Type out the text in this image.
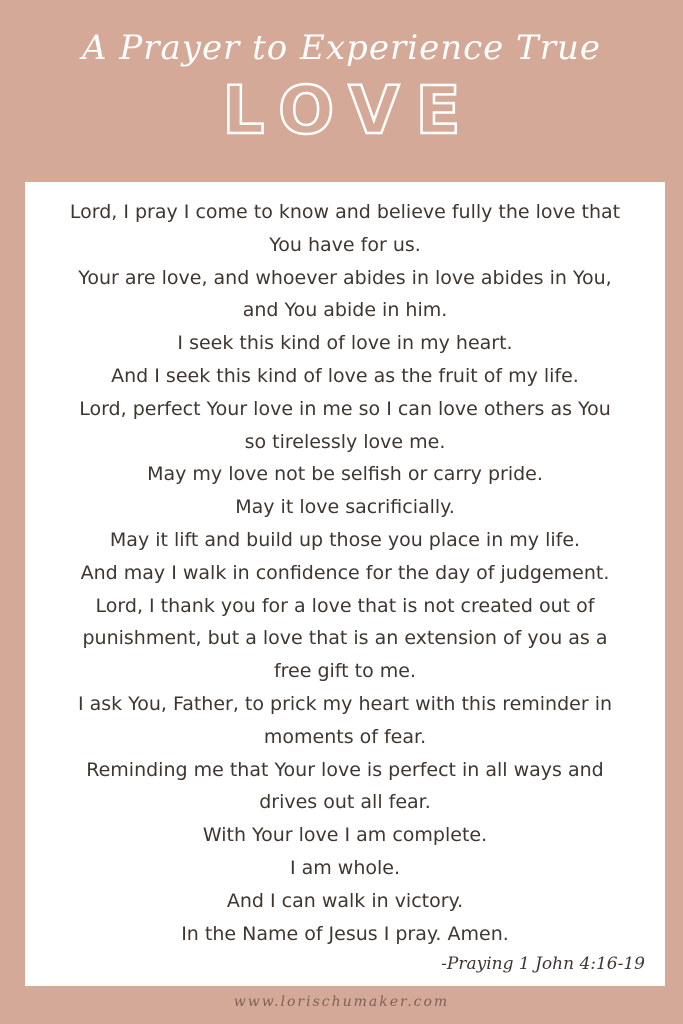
A Prayer to Experience True
LOVE
Lord, I pray I come to know and believe fully the love that
You have for us.
Your are love, and whoever abides in love abides in You,
and You abide in him.
I seek this kind of love in my heart.
And I seek this kind of love as the fruit of my life.
Lord, perfect Your love in me so I can love others as You
so tirelessly love me.
May my love not be selfish or carry pride.
May it love sacrificially.
May it lift and build up those you place in my life.
And may I walk in confidence for the day of judgement.
Lord, I thank you for a love that is not created out of
punishment, but a love that is an extension of you as a
free gift to me.
I ask You, Father, to prick my heart with this reminder in
moments of fear.
Reminding me that Your love is perfect in all ways and
drives out all fear.
With Your love I am complete.
I am whole.
And I can walk in victory.
In the Name of Jesus I pray. Amen.
-Praying 1 John 4:16-19
www.lorischumaker.com
